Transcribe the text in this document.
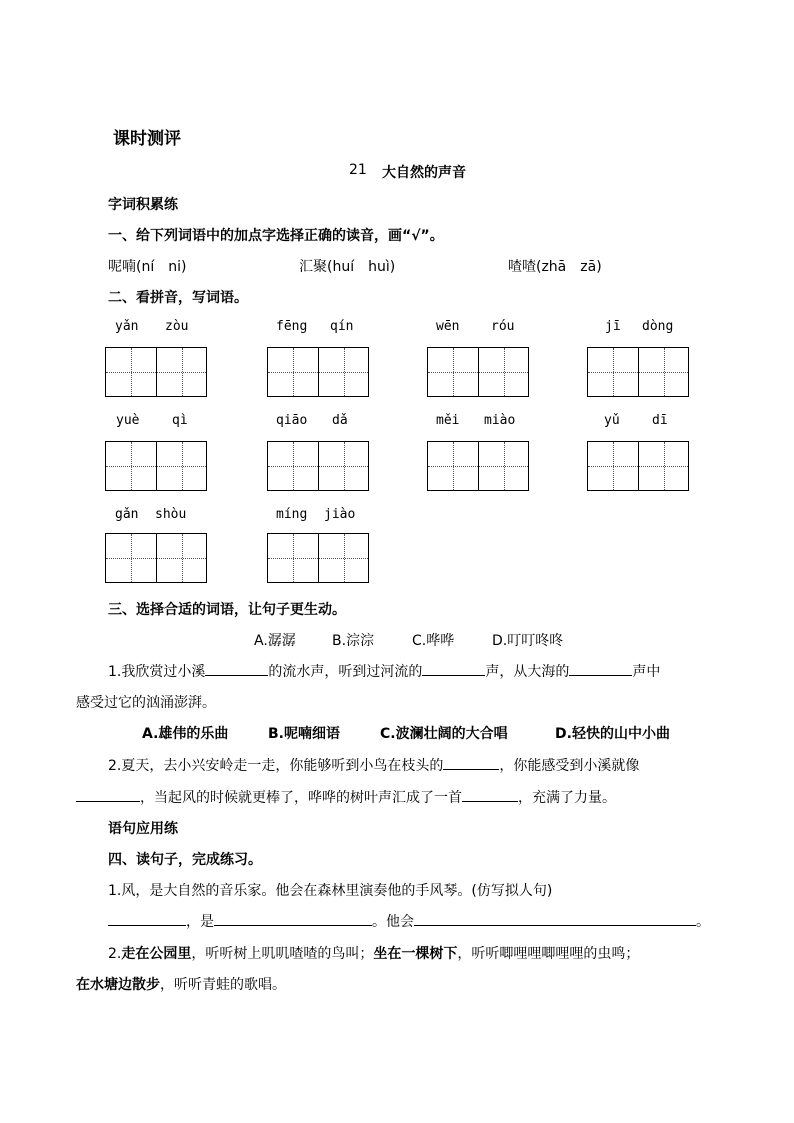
课时测评
21 大自然的声音
字词积累练
一、给下列词语中的加点字选择正确的读音，画“√”。
呢喃(ní　ni)	汇聚(huí　huì)	喳喳(zhā　zā)
二、看拼音，写词语。
yǎn zòu	fēng qín	wēn róu	jī dòng
yuè	qì	qiāo dǎ	měi miào	yǔ dī
gǎn shòu	míng jiào
三、选择合适的词语，让句子更生动。
A.潺潺	B.淙淙	C.哗哗	D.叮叮咚咚
1.我欣赏过小溪	的流水声，听到过河流的	声，从大海的	声中
感受过它的汹涌澎湃。
A.雄伟的乐曲	B.呢喃细语	C.波澜壮阔的大合唱	D.轻快的山中小曲
2.夏天，去小兴安岭走一走，你能够听到小鸟在枝头的	，你能感受到小溪就像
，当起风的时候就更棒了，哗哗的树叶声汇成了一首	，充满了力量。
语句应用练
四、读句子，完成练习。
1.风，是大自然的音乐家。他会在森林里演奏他的手风琴。(仿写拟人句)
，是	。他会	。
2.走在公园里，听听树上叽叽喳喳的鸟叫；坐在一棵树下，听听唧哩哩唧哩哩的虫鸣；
在水塘边散步，听听青蛙的歌唱。
